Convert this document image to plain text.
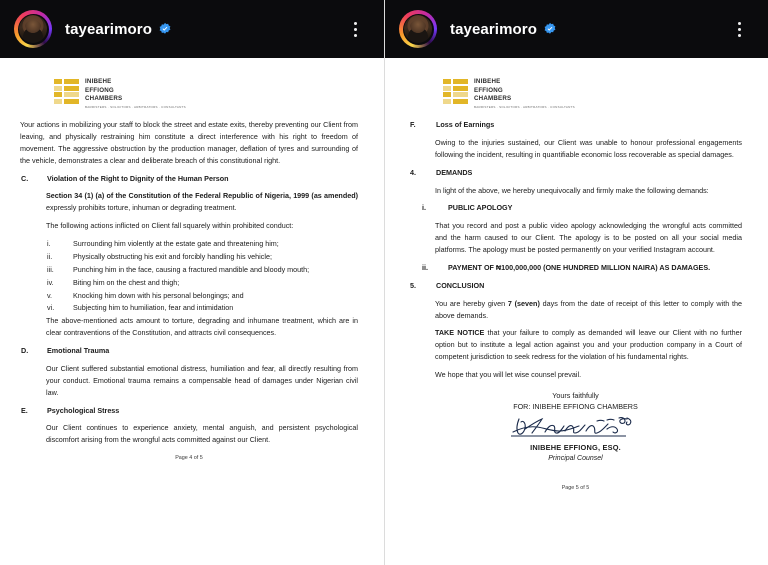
tayearimoro
INIBEHE
EFFIONG
CHAMBERS
BARRISTERS · SOLICITORS · ARBITRATORS · CONSULTANTS

Your actions in mobilizing your staff to block the street and estate exits, thereby preventing our Client from leaving, and physically restraining him constitute a direct interference with his right to freedom of movement. The aggressive obstruction by the production manager, deflation of tyres and surrounding of the vehicle, demonstrates a clear and deliberate breach of this constitutional right.

C.	Violation of the Right to Dignity of the Human Person

Section 34 (1) (a) of the Constitution of the Federal Republic of Nigeria, 1999 (as amended) expressly prohibits torture, inhuman or degrading treatment.

The following actions inflicted on Client fall squarely within prohibited conduct:

i.	Surrounding him violently at the estate gate and threatening him;
ii.	Physically obstructing his exit and forcibly handling his vehicle;
iii.	Punching him in the face, causing a fractured mandible and bloody mouth;
iv.	Biting him on the chest and thigh;
v.	Knocking him down with his personal belongings; and
vi.	Subjecting him to humiliation, fear and intimidation

The above-mentioned acts amount to torture, degrading and inhumane treatment, which are in clear contraventions of the Constitution, and attracts civil consequences.

D.	Emotional Trauma

Our Client suffered substantial emotional distress, humiliation and fear, all directly resulting from your conduct. Emotional trauma remains a compensable head of damages under Nigerian civil law.

E.	Psychological Stress

Our Client continues to experience anxiety, mental anguish, and persistent psychological discomfort arising from the wrongful acts committed against our Client.

Page 4 of 5
tayearimoro
INIBEHE
EFFIONG
CHAMBERS
BARRISTERS · SOLICITORS · ARBITRATORS · CONSULTANTS
F.	Loss of Earnings

Owing to the injuries sustained, our Client was unable to honour professional engagements following the incident, resulting in quantifiable economic loss recoverable as special damages.

4.	DEMANDS

In light of the above, we hereby unequivocally and firmly make the following demands:

i.	PUBLIC APOLOGY

That you record and post a public video apology acknowledging the wrongful acts committed and the harm caused to our Client. The apology is to be posted on all your social media platforms. The apology must be posted permanently on your verified Instagram account.

ii.	PAYMENT OF ₦100,000,000 (ONE HUNDRED MILLION NAIRA) AS DAMAGES.
5.	CONCLUSION

You are hereby given 7 (seven) days from the date of receipt of this letter to comply with the above demands.

TAKE NOTICE that your failure to comply as demanded will leave our Client with no further option but to institute a legal action against you and your production company in a Court of competent jurisdiction to seek redress for the violation of his fundamental rights.

We hope that you will let wise counsel prevail.

Yours faithfully
FOR: INIBEHE EFFIONG CHAMBERS
INIBEHE EFFIONG, ESQ.
Principal Counsel
Page 5 of 5
